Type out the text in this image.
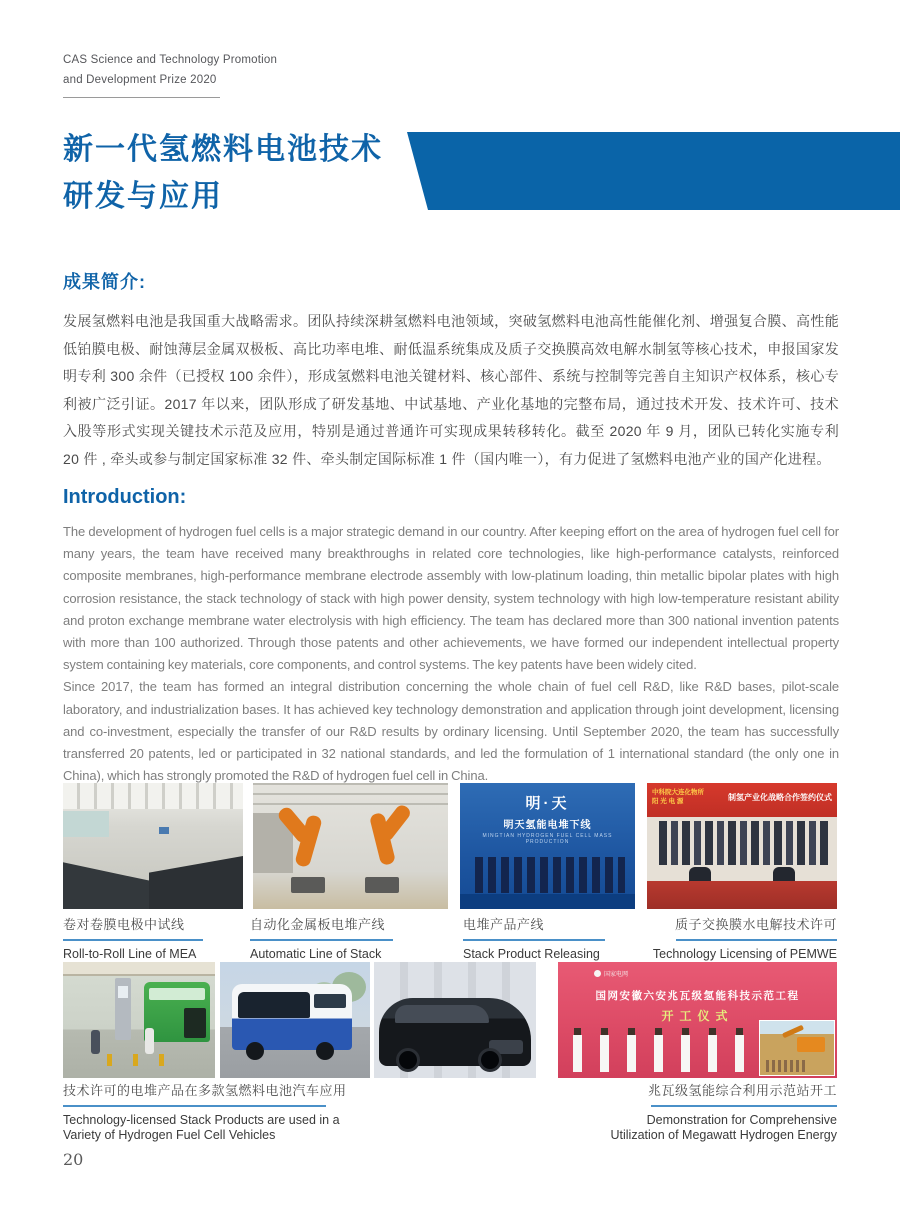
CAS Science and Technology Promotion
and Development Prize 2020
新一代氢燃料电池技术
研发与应用
成果简介:

发展氢燃料电池是我国重大战略需求。团队持续深耕氢燃料电池领域，突破氢燃料电池高性能催化剂、增强复合膜、高性能低铂膜电极、耐蚀薄层金属双极板、高比功率电堆、耐低温系统集成及质子交换膜高效电解水制氢等核心技术，申报国家发明专利 300 余件（已授权 100 余件），形成氢燃料电池关键材料、核心部件、系统与控制等完善自主知识产权体系，核心专利被广泛引证。2017 年以来，团队形成了研发基地、中试基地、产业化基地的完整布局，通过技术开发、技术许可、技术入股等形式实现关键技术示范及应用，特别是通过普通许可实现成果转移转化。截至 2020 年 9 月，团队已转化实施专利 20 件 , 牵头或参与制定国家标准 32 件、牵头制定国际标准 1 件（国内唯一），有力促进了氢燃料电池产业的国产化进程。

Introduction:

The development of hydrogen fuel cells is a major strategic demand in our country. After keeping effort on the area of hydrogen fuel cell for many years, the team have received many breakthroughs in related core technologies, like high-performance catalysts, reinforced composite membranes, high-performance membrane electrode assembly with low-platinum loading, thin metallic bipolar plates with high corrosion resistance, the stack technology of stack with high power density, system technology with high low-temperature resistant ability and proton exchange membrane water electrolysis with high efficiency. The team has declared more than 300 national invention patents with more than 100 authorized. Through those patents and other achievements, we have formed our independent intellectual property system containing key materials, core components, and control systems. The key patents have been widely cited.

Since 2017, the team has formed an integral distribution concerning the whole chain of fuel cell R&D, like R&D bases, pilot-scale laboratory, and industrialization bases. It has achieved key technology demonstration and application through joint development, licensing and co-investment, especially the transfer of our R&D results by ordinary licensing. Until September 2020, the team has successfully transferred 20 patents, led or participated in 32 national standards, and led the formulation of 1 international standard (the only one in China), which has strongly promoted the R&D of hydrogen fuel cell in China.

明·天
明天氢能电堆下线
MINGTIAN HYDROGEN FUEL CELL MASS PRODUCTION
中科院大连化物所
阳 光 电 源	制氢产业化战略合作签约仪式
卷对卷膜电极中试线
Roll-to-Roll Line of MEA
自动化金属板电堆产线
Automatic Line of Stack
电堆产品产线
Stack Product Releasing
质子交换膜水电解技术许可
Technology Licensing of PEMWE
国家电网
国网安徽六安兆瓦级氢能科技示范工程
开工仪式
技术许可的电堆产品在多款氢燃料电池汽车应用
Technology-licensed Stack Products are used in a Variety of Hydrogen Fuel Cell Vehicles
兆瓦级氢能综合利用示范站开工
Demonstration for Comprehensive Utilization of Megawatt Hydrogen Energy
20
